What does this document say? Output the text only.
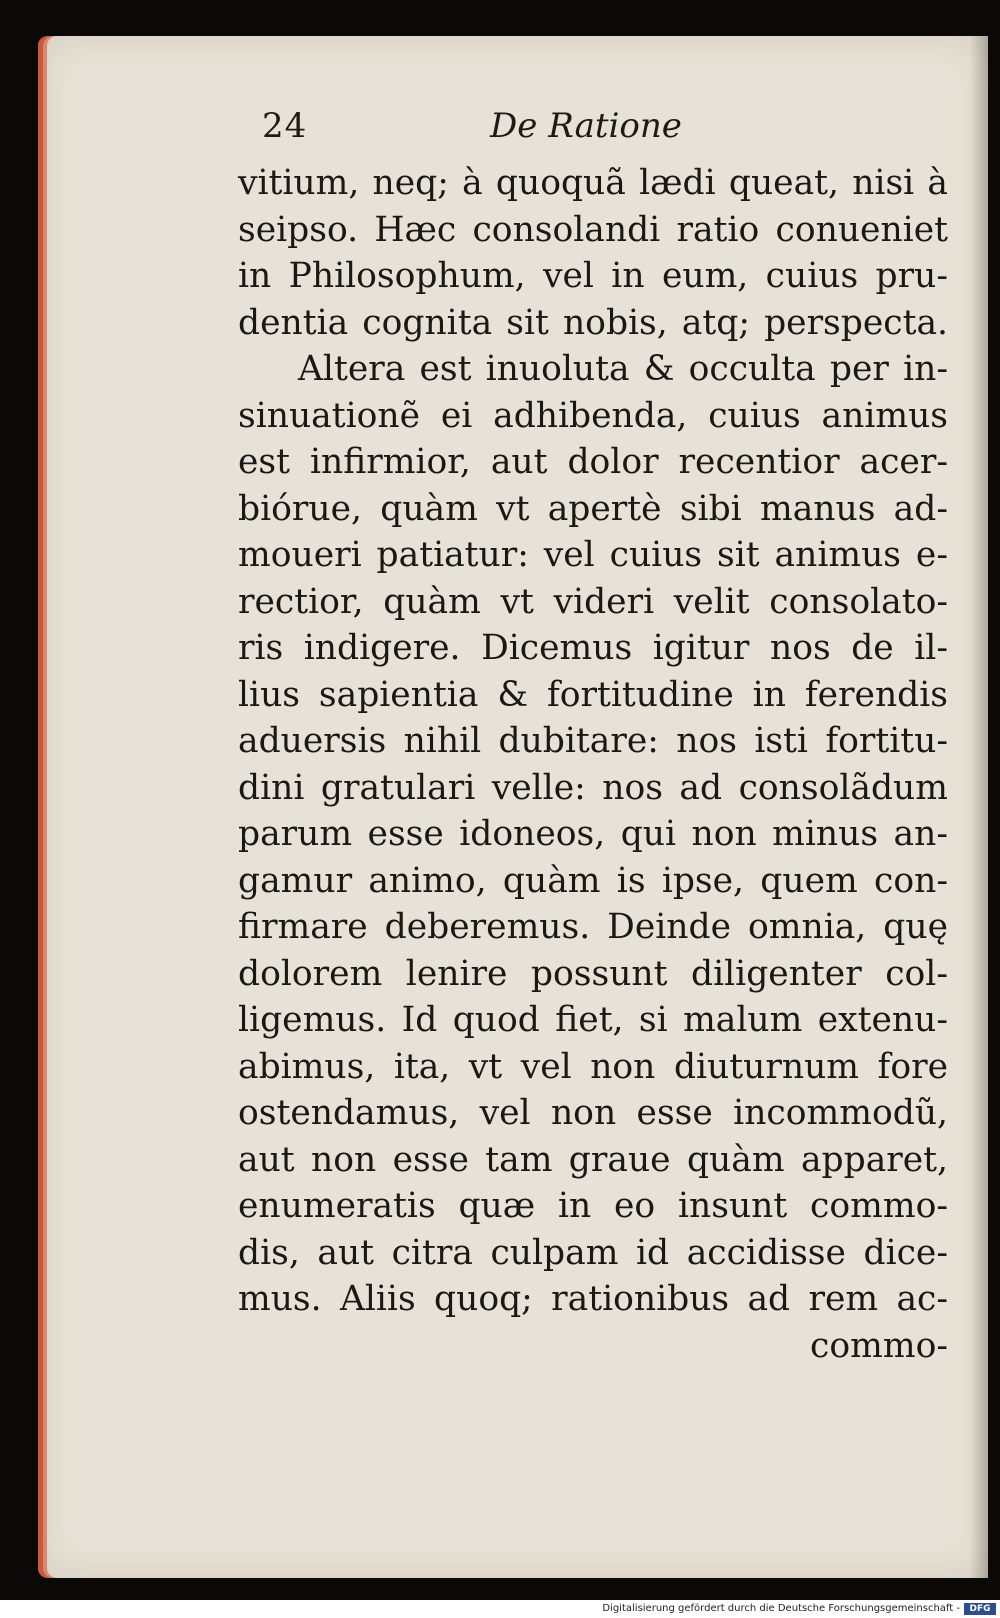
24	De Ratione
vitium, neq; à quoquã lædi queat, nisi à
seipso. Hæc consolandi ratio conueniet
in Philosophum, vel in eum, cuius pru-
dentia cognita sit nobis, atq; perspecta.
Altera est inuoluta & occulta per in-
sinuationẽ ei adhibenda, cuius animus
est infirmior, aut dolor recentior acer-
biórue, quàm vt apertè sibi manus ad-
moueri patiatur: vel cuius sit animus e-
rectior, quàm vt videri velit consolato-
ris indigere. Dicemus igitur nos de il-
lius sapientia & fortitudine in ferendis
aduersis nihil dubitare: nos isti fortitu-
dini gratulari velle: nos ad consolãdum
parum esse idoneos, qui non minus an-
gamur animo, quàm is ipse, quem con-
firmare deberemus. Deinde omnia, quę
dolorem lenire possunt diligenter col-
ligemus. Id quod fiet, si malum extenu-
abimus, ita, vt vel non diuturnum fore
ostendamus, vel non esse incommodũ,
aut non esse tam graue quàm apparet,
enumeratis quæ in eo insunt commo-
dis, aut citra culpam id accidisse dice-
mus. Aliis quoq; rationibus ad rem ac-
commo-
Digitalisierung gefördert durch die Deutsche Forschungsgemeinschaft -	DFG
